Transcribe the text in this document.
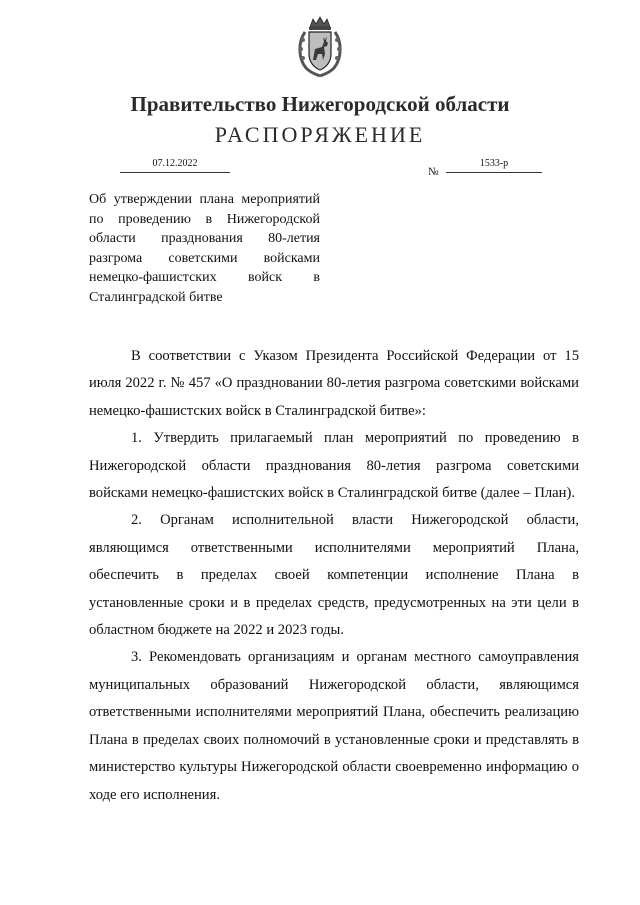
Правительство Нижегородской области
РАСПОРЯЖЕНИЕ
07.12.2022
№
1533-р
Об утверждении плана мероприятий по проведению в Нижегородской области празднования 80-летия разгрома советскими войсками немецко-фашистских войск в Сталинградской битве

В соответствии с Указом Президента Российской Федерации от 15 июля 2022 г. № 457 «О праздновании 80-летия разгрома советскими войсками немецко-фашистских войск в Сталинградской битве»:

1. Утвердить прилагаемый план мероприятий по проведению в Нижегородской области празднования 80-летия разгрома советскими войсками немецко-фашистских войск в Сталинградской битве (далее – План).

2. Органам исполнительной власти Нижегородской области, являющимся ответственными исполнителями мероприятий Плана, обеспечить в пределах своей компетенции исполнение Плана в установленные сроки и в пределах средств, предусмотренных на эти цели в областном бюджете на 2022 и 2023 годы.

3. Рекомендовать организациям и органам местного самоуправления муниципальных образований Нижегородской области, являющимся ответственными исполнителями мероприятий Плана, обеспечить реализацию Плана в пределах своих полномочий в установленные сроки и представлять в министерство культуры Нижегородской области своевременно информацию о ходе его исполнения.
